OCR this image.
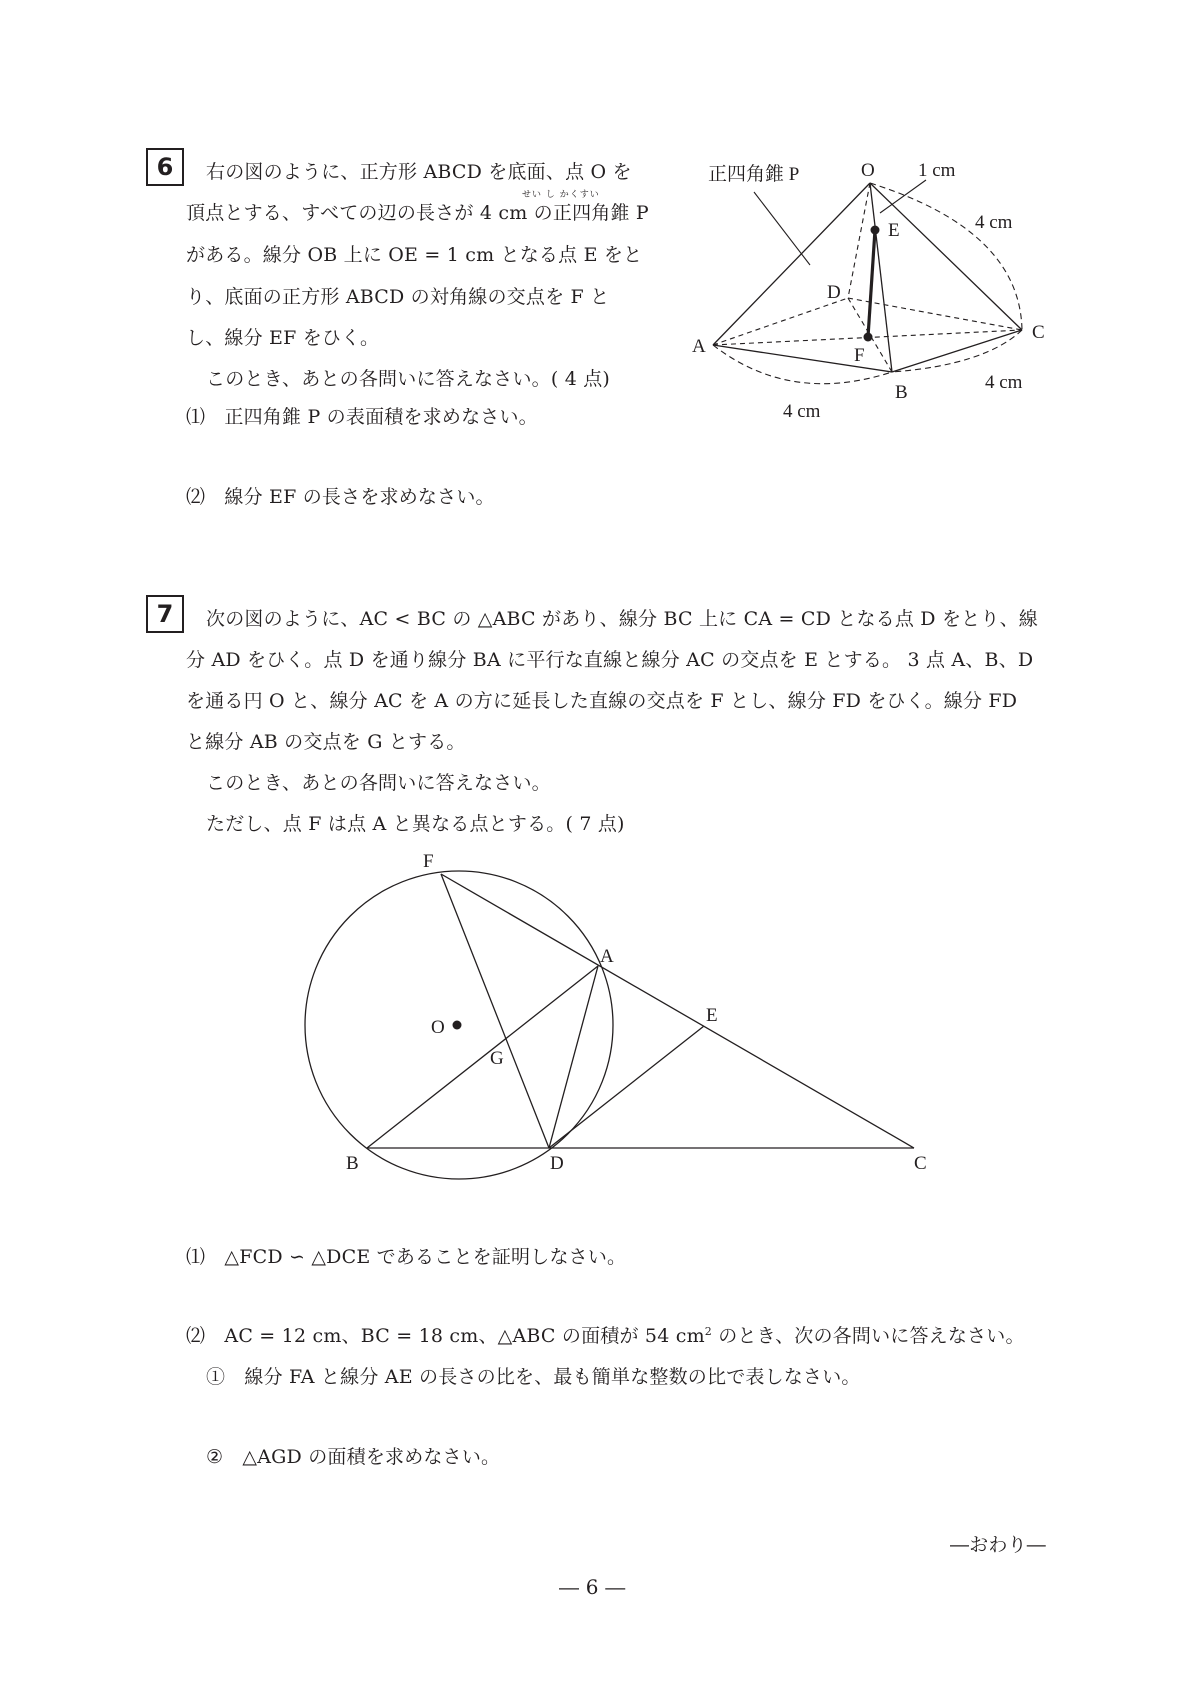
6	右の図のように、正方形 ABCD を底面、点 O を
せい し かくすい
頂点とする、すべての辺の長さが 4 cm の正四角錐 P
がある。線分 OB 上に OE = 1 cm となる点 E をと
り、底面の正方形 ABCD の対角線の交点を F と
し、線分 EF をひく。
このとき、あとの各問いに答えなさい。( 4 点)
⑴　正四角錐 P の表面積を求めなさい。
⑵　線分 EF の長さを求めなさい。
正四角錐 P	O 1 cm
E	4 cm
D
C
A	F
B	4 cm
4 cm
7	次の図のように、AC < BC の △ABC があり、線分 BC 上に CA = CD となる点 D をとり、線
分 AD をひく。点 D を通り線分 BA に平行な直線と線分 AC の交点を E とする。 3 点 A、B、D
を通る円 O と、線分 AC を A の方に延長した直線の交点を F とし、線分 FD をひく。線分 FD
と線分 AB の交点を G とする。
このとき、あとの各問いに答えなさい。
ただし、点 F は点 A と異なる点とする。( 7 点)
F
A
E
O
G
B	D	C
⑴　△FCD ∽ △DCE であることを証明しなさい。
⑵　AC = 12 cm、BC = 18 cm、△ABC の面積が 54 $cm^2$ のとき、次の各問いに答えなさい。
①　線分 FA と線分 AE の長さの比を、最も簡単な整数の比で表しなさい。
②　△AGD の面積を求めなさい。
―おわり―
― 6 ―
